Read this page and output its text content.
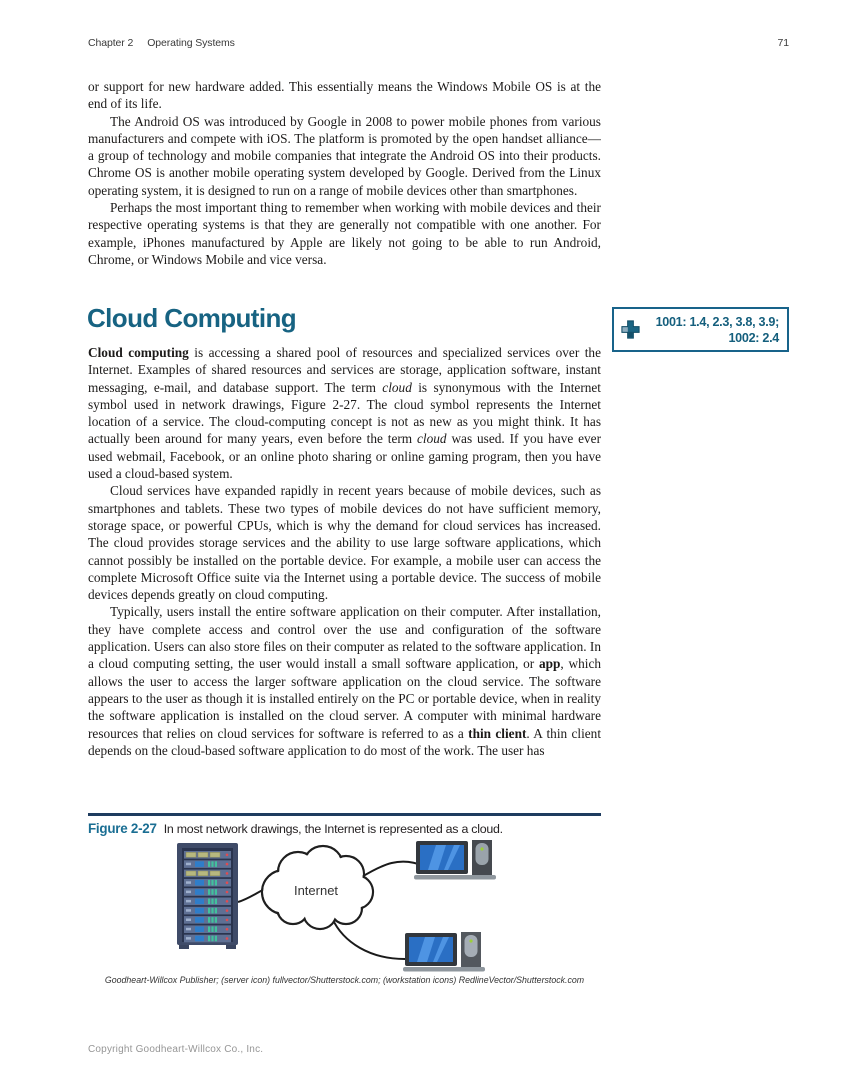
Chapter 2 Operating Systems	71

or support for new hardware added. This essentially means the Windows Mobile OS is at the end of its life.

The Android OS was introduced by Google in 2008 to power mobile phones from various manufacturers and compete with iOS. The platform is promoted by the open handset alliance—a group of technology and mobile companies that integrate the Android OS into their products. Chrome OS is another mobile operating system developed by Google. Derived from the Linux operating system, it is designed to run on a range of mobile devices other than smartphones.

Perhaps the most important thing to remember when working with mobile devices and their respective operating systems is that they are generally not compatible with one another. For example, iPhones manufactured by Apple are likely not going to be able to run Android, Chrome, or Windows Mobile and vice versa.

Cloud Computing	1001: 1.4, 2.3, 3.8, 3.9;
1002: 2.4

Cloud computing is accessing a shared pool of resources and specialized services over the Internet. Examples of shared resources and services are storage, application software, instant messaging, e-mail, and database support. The term cloud is synonymous with the Internet symbol used in network drawings, Figure 2-27. The cloud symbol represents the Internet location of a service. The cloud-computing concept is not as new as you might think. It has actually been around for many years, even before the term cloud was used. If you have ever used webmail, Facebook, or an online photo sharing or online gaming program, then you have used a cloud-based system.

Cloud services have expanded rapidly in recent years because of mobile devices, such as smartphones and tablets. These two types of mobile devices do not have sufficient memory, storage space, or powerful CPUs, which is why the demand for cloud services has increased. The cloud provides storage services and the ability to use large software applications, which cannot possibly be installed on the portable device. For example, a mobile user can access the complete Microsoft Office suite via the Internet using a portable device. The success of mobile devices depends greatly on cloud computing.

Typically, users install the entire software application on their computer. After installation, they have complete access and control over the use and configuration of the software application. Users can also store files on their computer as related to the software application. In a cloud computing setting, the user would install a small software application, or app, which allows the user to access the larger software application on the cloud service. The software appears to the user as though it is installed entirely on the PC or portable device, when in reality the software application is installed on the cloud server. A computer with minimal hardware resources that relies on cloud services for software is referred to as a thin client. A thin client depends on the cloud-based software application to do most of the work. The user has

Figure 2-27 In most network drawings, the Internet is represented as a cloud.
Internet
Goodheart-Willcox Publisher; (server icon) fullvector/Shutterstock.com; (workstation icons) RedlineVector/Shutterstock.com
Copyright Goodheart-Willcox Co., Inc.
